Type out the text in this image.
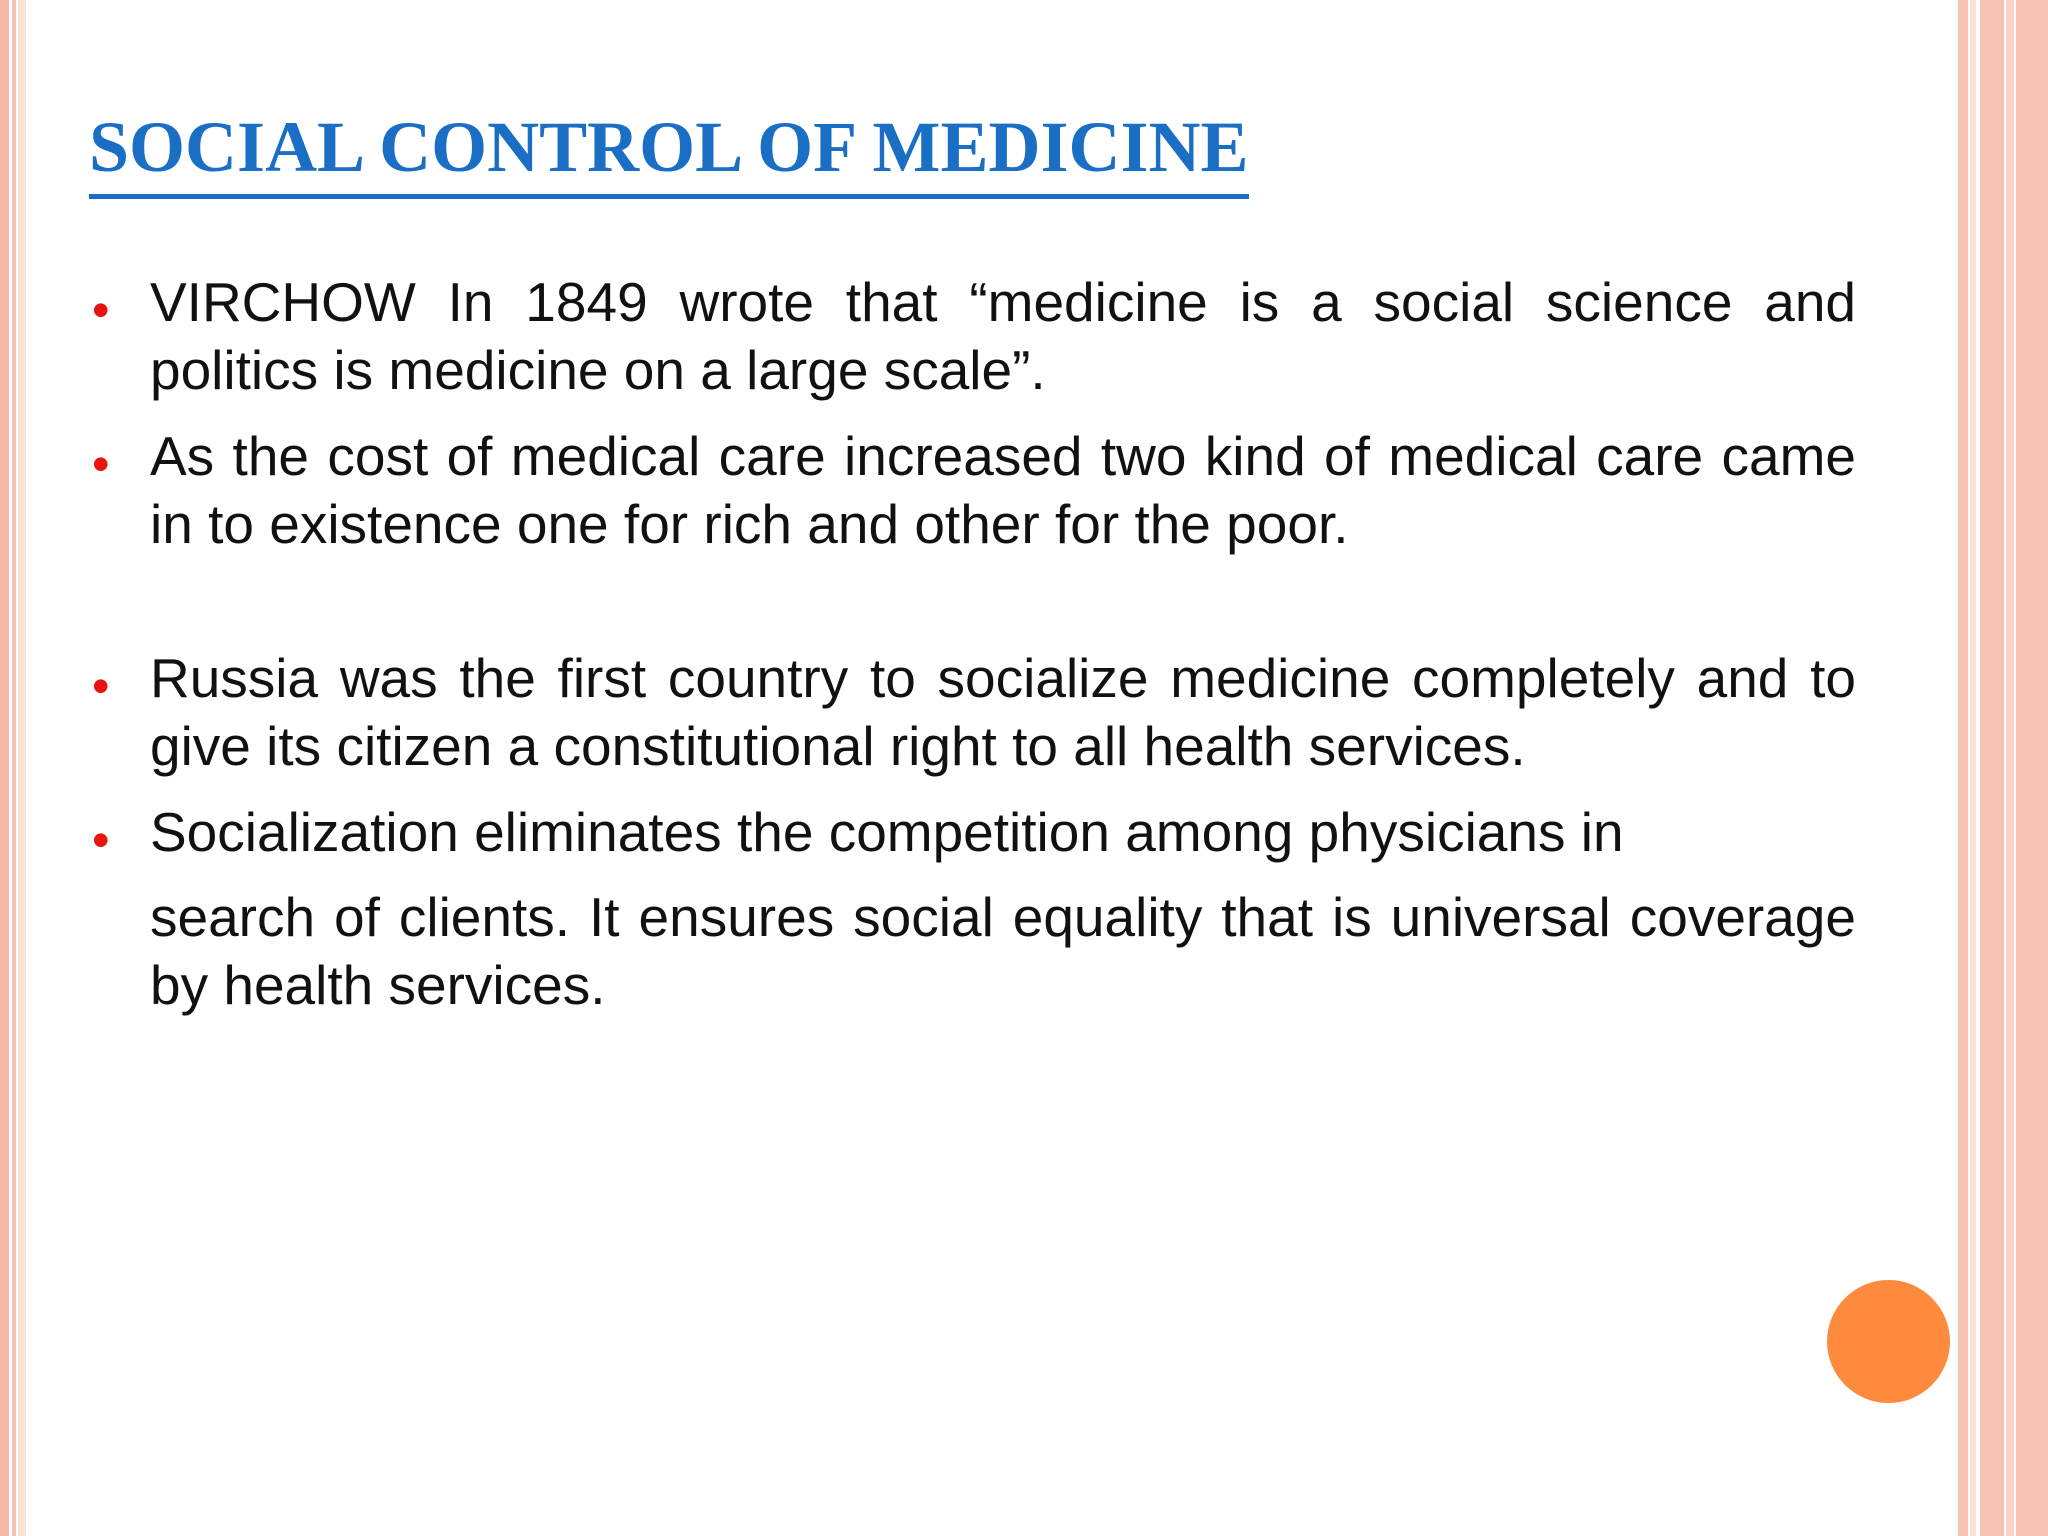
SOCIAL CONTROL OF MEDICINE
• VIRCHOW In 1849 wrote that “medicine is a social science and politics is medicine on a large scale”.
• As the cost of medical care increased two kind of medical care came in to existence one for rich and other for the poor.
• Russia was the first country to socialize medicine completely and to give its citizen a constitutional right to all health services.
• Socialization eliminates the competition among physicians in
search of clients. It ensures social equality that is universal coverage by health services.
